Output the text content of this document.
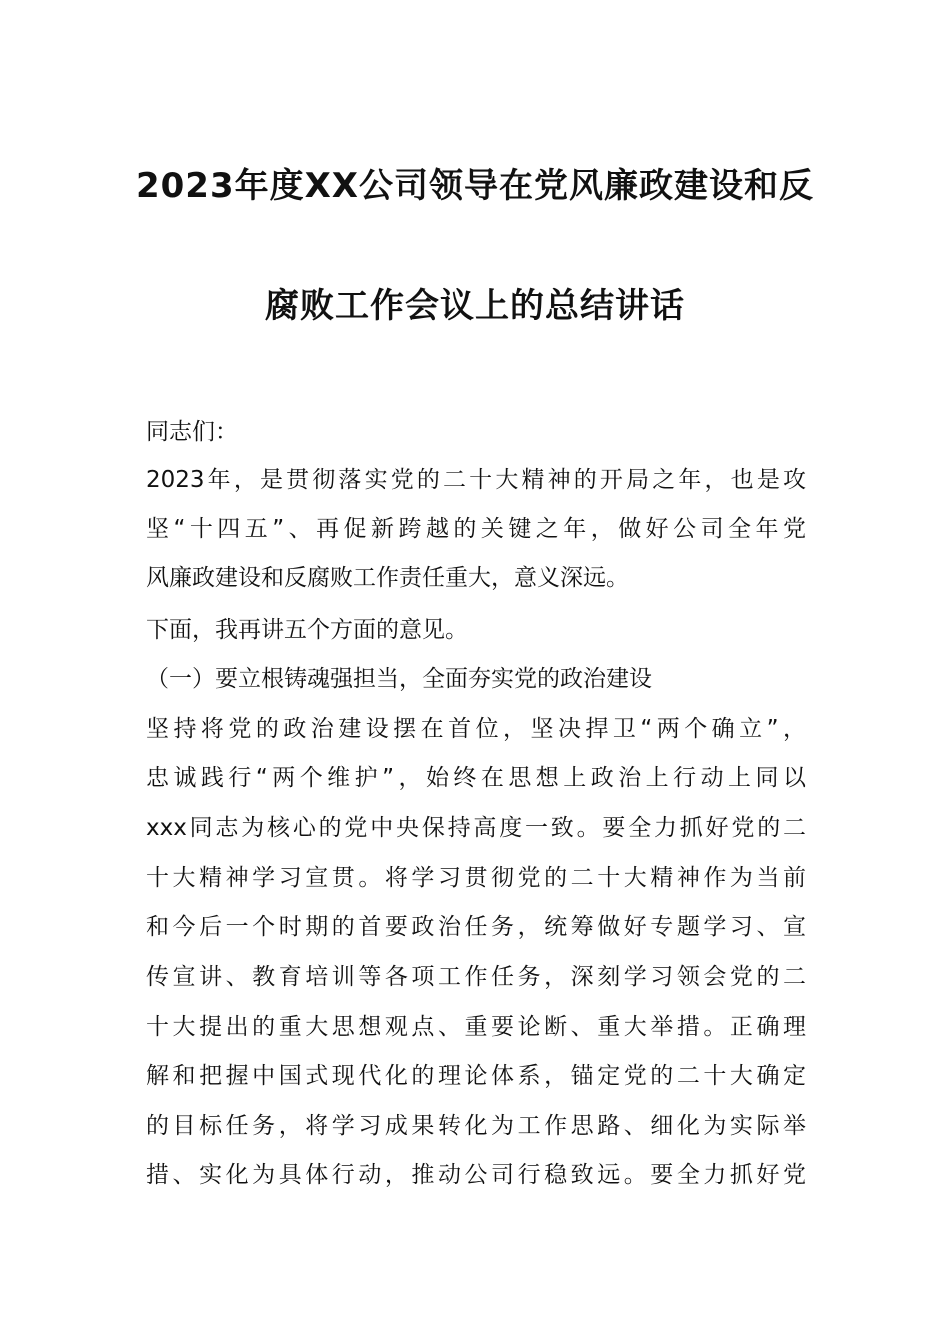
2023年度XX公司领导在党风廉政建设和反
腐败工作会议上的总结讲话
同志们：
2023年，是贯彻落实党的二十大精神的开局之年，也是攻
坚“十四五”、再促新跨越的关键之年，做好公司全年党
风廉政建设和反腐败工作责任重大，意义深远。
下面，我再讲五个方面的意见。
（一）要立根铸魂强担当，全面夯实党的政治建设
坚持将党的政治建设摆在首位，坚决捍卫“两个确立”，
忠诚践行“两个维护”，始终在思想上政治上行动上同以
xxx同志为核心的党中央保持高度一致。要全力抓好党的二
十大精神学习宣贯。将学习贯彻党的二十大精神作为当前
和今后一个时期的首要政治任务，统筹做好专题学习、宣
传宣讲、教育培训等各项工作任务，深刻学习领会党的二
十大提出的重大思想观点、重要论断、重大举措。正确理
解和把握中国式现代化的理论体系，锚定党的二十大确定
的目标任务，将学习成果转化为工作思路、细化为实际举
措、实化为具体行动，推动公司行稳致远。要全力抓好党
